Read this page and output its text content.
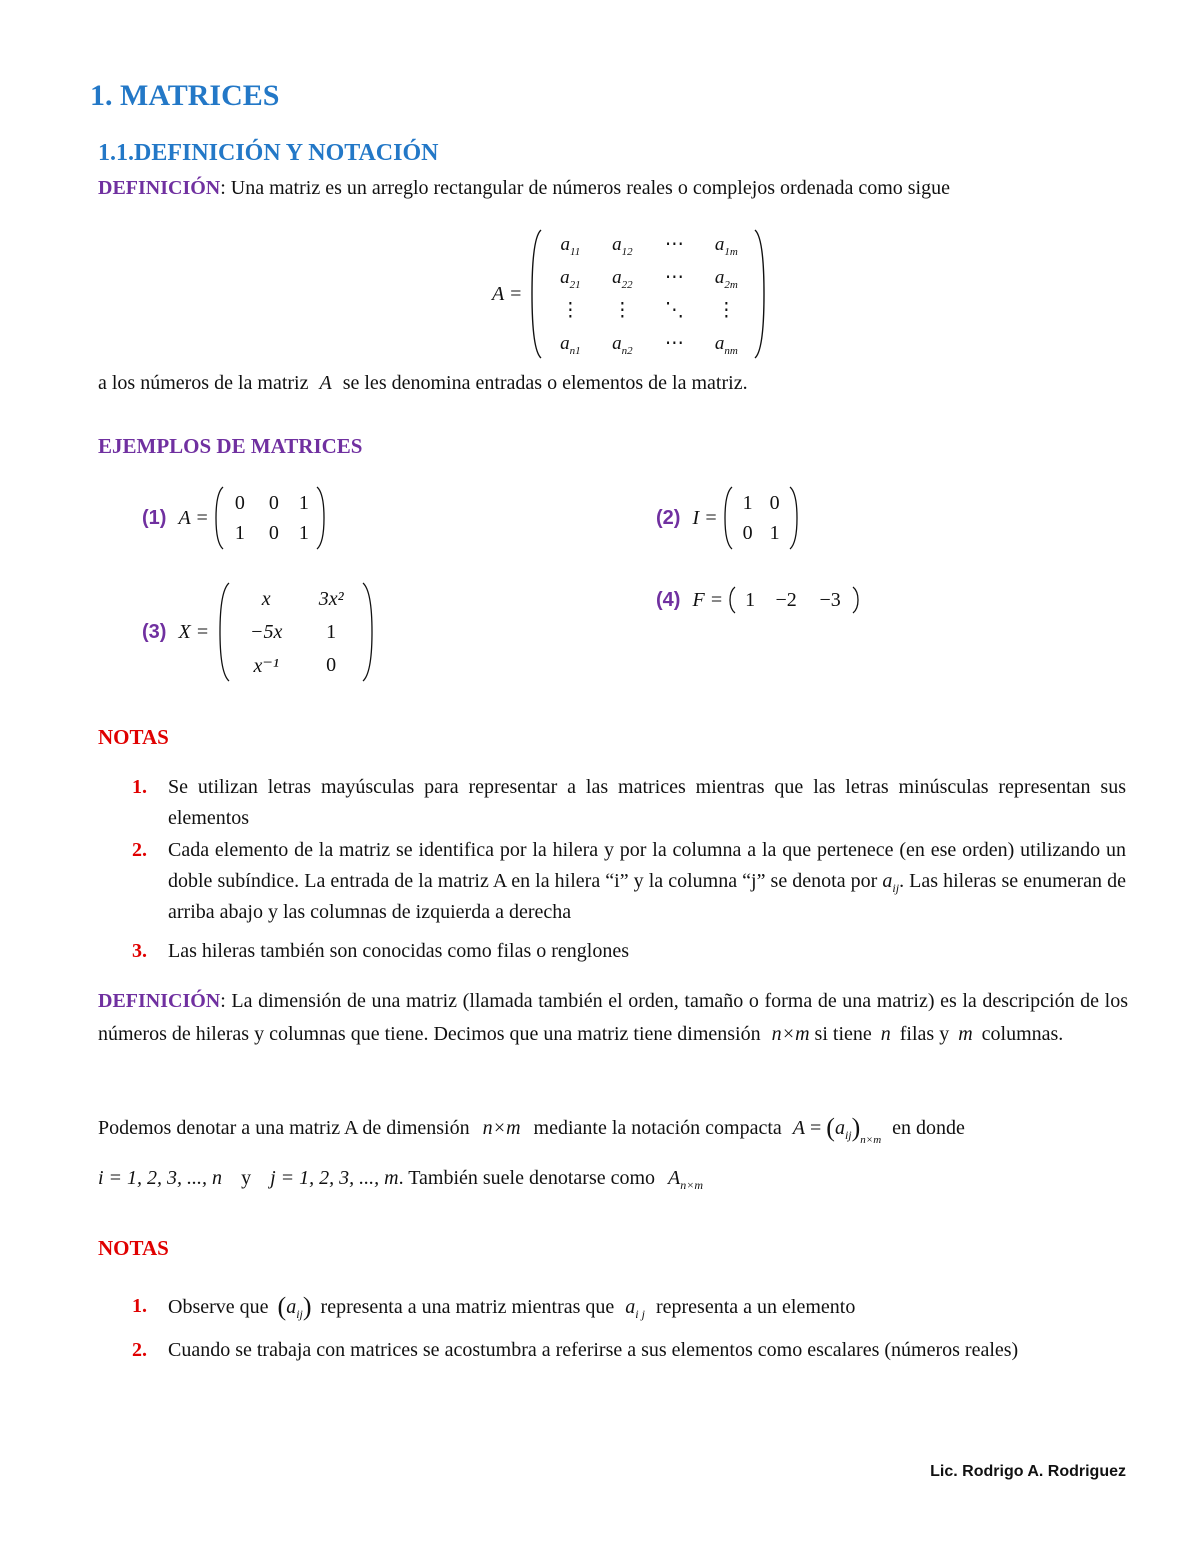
1. MATRICES
1.1.DEFINICIÓN Y NOTACIÓN
DEFINICIÓN: Una matriz es un arreglo rectangular de números reales o complejos ordenada como sigue
A =
$a_{11}$	$a_{12}$	⋯	$a_{1m}$
$a_{21}$	$a_{22}$	⋯	$a_{2m}$
⋮	⋮	⋱	⋮
$a_{n1}$	$a_{n2}$	⋯	$a_{nm}$
a los números de la matriz A se les denomina entradas o elementos de la matriz.
EJEMPLOS DE MATRICES
(1) A =
0	0	1
1	0	1
(2) I =
1 0
0 1
(3) X =
x	3x²
−5x	1
x⁻¹	0
(4) F =	1	−2	−3
NOTAS
1.	Se utilizan letras mayúsculas para representar a las matrices mientras que las letras minúsculas representan sus elementos
2.	Cada elemento de la matriz se identifica por la hilera y por la columna a la que pertenece (en ese orden) utilizando un doble subíndice. La entrada de la matriz A en la hilera “i” y la columna “j” se denota por $a_{ij}$. Las hileras se enumeran de arriba abajo y las columnas de izquierda a derecha
3.	Las hileras también son conocidas como filas o renglones
DEFINICIÓN: La dimensión de una matriz (llamada también el orden, tamaño o forma de una matriz) es la descripción de los números de hileras y columnas que tiene. Decimos que una matriz tiene dimensión n×m si tiene n filas y m columnas.
Podemos denotar a una matriz A de dimensión n×m mediante la notación compacta $A = (a_{ij})_{n\times m}$ en donde
i = 1, 2, 3, ..., n y j = 1, 2, 3, ..., m. También suele denotarse como $A_{n\times m}$
NOTAS
1.	Observe que $(a_{ij})$ representa a una matriz mientras que $a_{i j}$ representa a un elemento
2.	Cuando se trabaja con matrices se acostumbra a referirse a sus elementos como escalares (números reales)
Lic. Rodrigo A. Rodriguez
